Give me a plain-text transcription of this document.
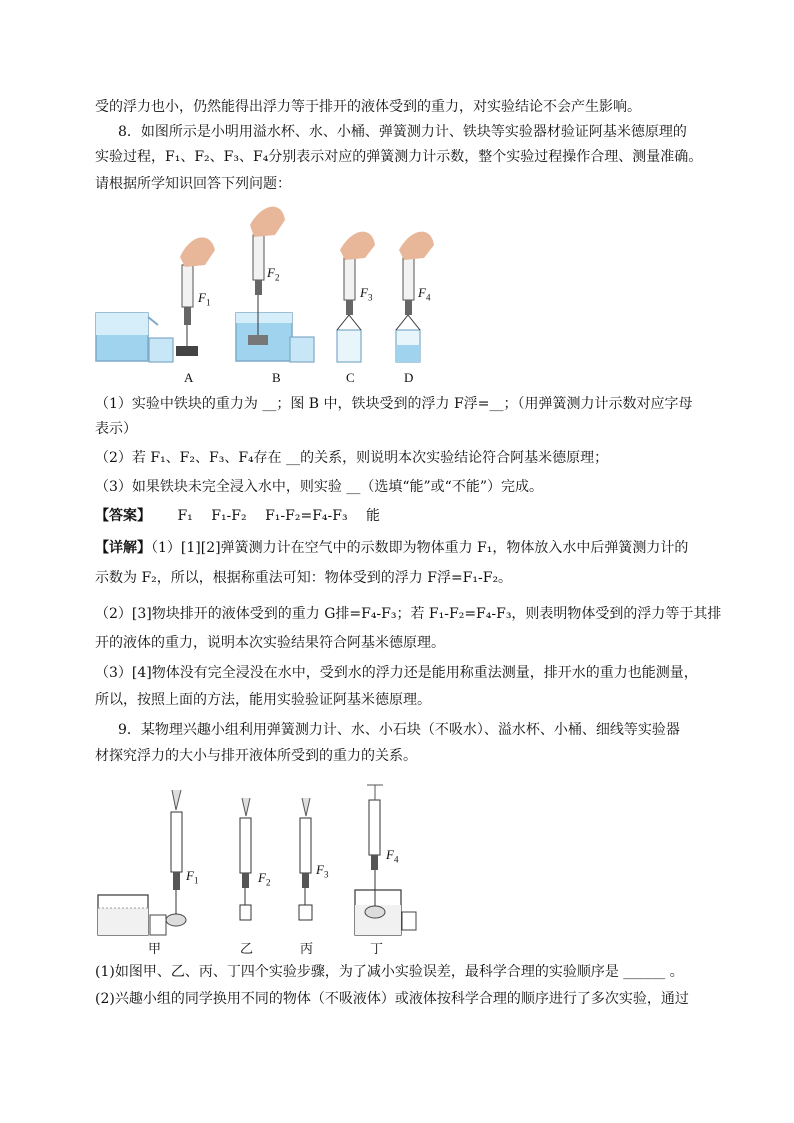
受的浮力也小，仍然能得出浮力等于排开的液体受到的重力，对实验结论不会产生影响。
8．如图所示是小明用溢水杯、水、小桶、弹簧测力计、铁块等实验器材验证阿基米德原理的
实验过程，F₁、F₂、F₃、F₄分别表示对应的弹簧测力计示数，整个实验过程操作合理、测量准确。
请根据所学知识回答下列问题：
$F_1$
$F_2$
$F_3$	$F_4$
A	B	C	D
（1）实验中铁块的重力为 __；图 B 中，铁块受到的浮力 F浮=__；（用弹簧测力计示数对应字母
表示）
（2）若 F₁、F₂、F₃、F₄存在 __的关系，则说明本次实验结论符合阿基米德原理；
（3）如果铁块未完全浸入水中，则实验 __（选填“能”或“不能”）完成。
【答案】 F₁ F₁-F₂ F₁-F₂=F₄-F₃ 能
【详解】（1）[1][2]弹簧测力计在空气中的示数即为物体重力 F₁，物体放入水中后弹簧测力计的
示数为 F₂，所以，根据称重法可知：物体受到的浮力 F浮=F₁-F₂。
（2）[3]物块排开的液体受到的重力 G排=F₄-F₃；若 F₁-F₂=F₄-F₃，则表明物体受到的浮力等于其排
开的液体的重力，说明本次实验结果符合阿基米德原理。
（3）[4]物体没有完全浸没在水中，受到水的浮力还是能用称重法测量，排开水的重力也能测量，
所以，按照上面的方法，能用实验验证阿基米德原理。
9．某物理兴趣小组利用弹簧测力计、水、小石块（不吸水）、溢水杯、小桶、细线等实验器
材探究浮力的大小与排开液体所受到的重力的关系。
$F_1$	$F_2$
$F_3$
$F_4$
甲	乙	丙	丁
(1)如图甲、乙、丙、丁四个实验步骤，为了减小实验误差，最科学合理的实验顺序是 ______ 。
(2)兴趣小组的同学换用不同的物体（不吸液体）或液体按科学合理的顺序进行了多次实验，通过
